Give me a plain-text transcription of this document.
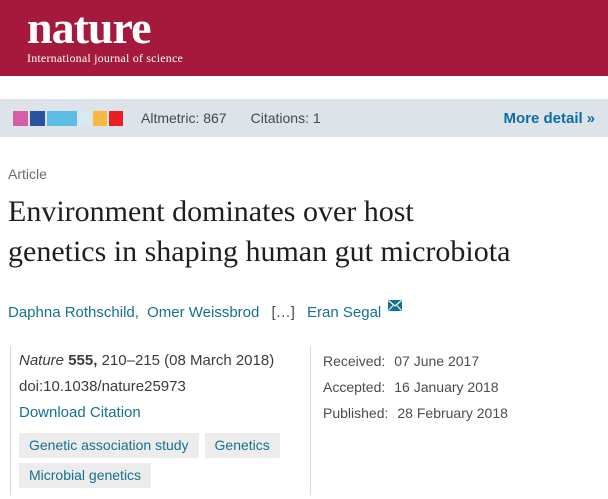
nature
International journal of science
Altmetric: 867 Citations: 1	More detail »
Article
Environment dominates over host
genetics in shaping human gut microbiota
Daphna Rothschild, Omer Weissbrod […] Eran Segal
Nature 555, 210–215 (08 March 2018)
doi:10.1038/nature25973
Download Citation
Genetic association study	Genetics
Microbial genetics
Received: 07 June 2017
Accepted: 16 January 2018
Published: 28 February 2018
